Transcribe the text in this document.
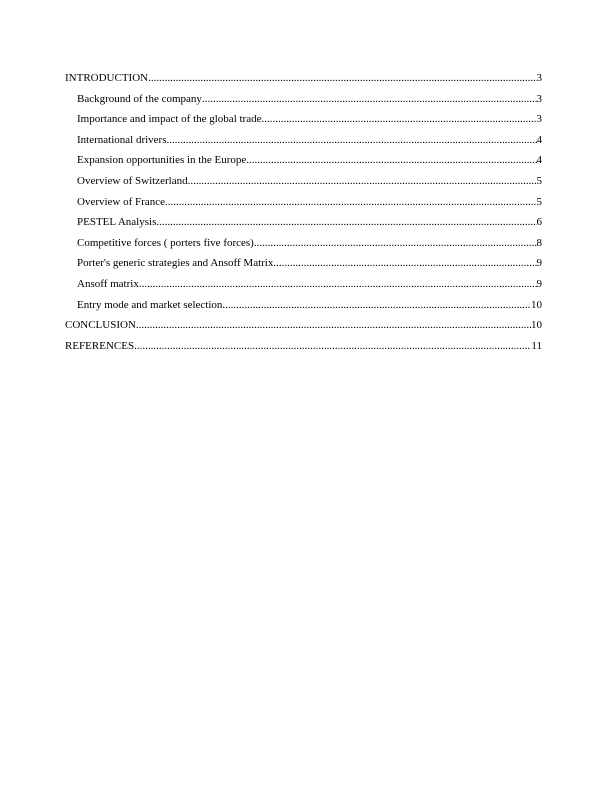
INTRODUCTION .....	3
Background of the company .....	3
Importance and impact of the global trade .....	3
International drivers .....	4
Expansion opportunities in the Europe .....	4
Overview of Switzerland .....	5
Overview of France .....	5
PESTEL Analysis .....	6
Competitive forces ( porters five forces) .....	8
Porter's generic strategies and Ansoff Matrix .....	9
Ansoff matrix .....	9
Entry mode and market selection .....	10
CONCLUSION .....	10
REFERENCES .....	11
